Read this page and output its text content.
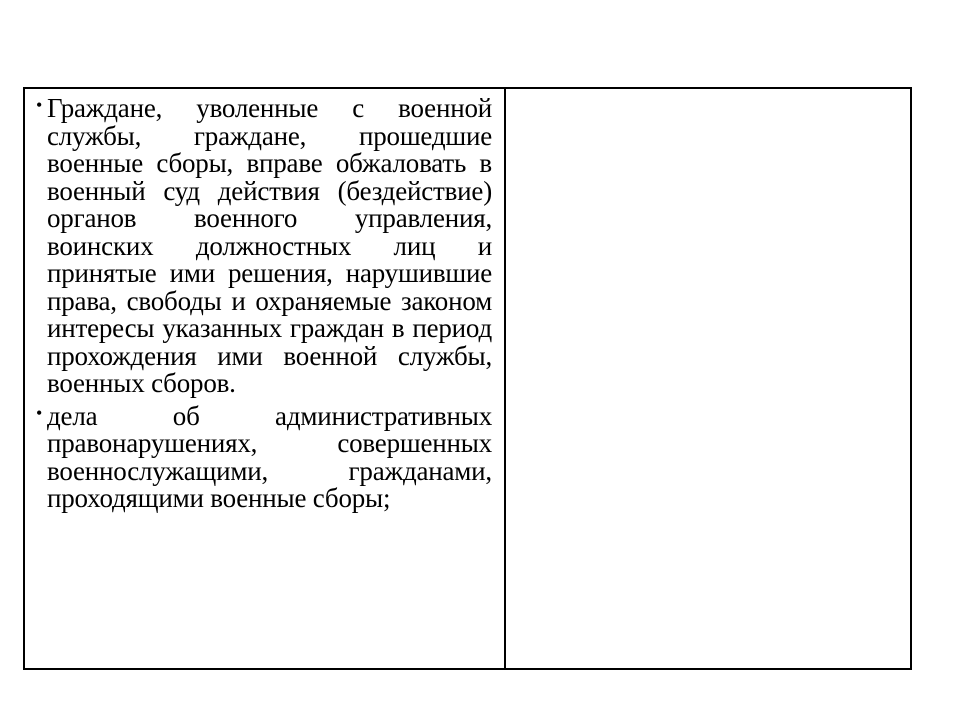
• Граждане, уволенные с военной службы, граждане, прошедшие военные сборы, вправе обжаловать в военный суд действия (бездействие) органов военного управления, воинских должностных лиц и принятые ими решения, нарушившие права, свободы и охраняемые законом интересы указанных граждан в период прохождения ими военной службы, военных сборов.
• дела об административных правонарушениях, совершенных военнослужащими, гражданами, проходящими военные сборы;
